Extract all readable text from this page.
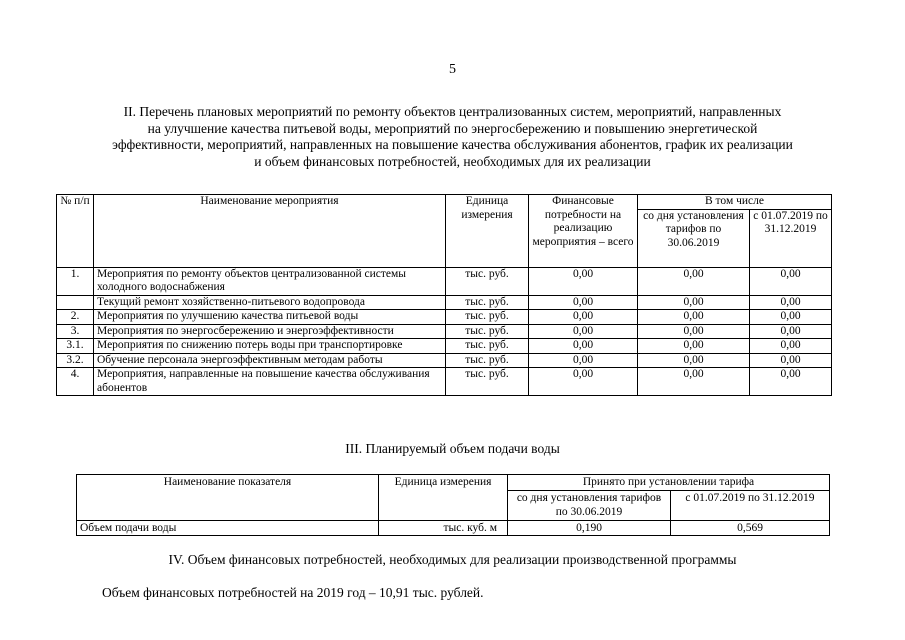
5
II. Перечень плановых мероприятий по ремонту объектов централизованных систем, мероприятий, направленных
на улучшение качества питьевой воды, мероприятий по энергосбережению и повышению энергетической
эффективности, мероприятий, направленных на повышение качества обслуживания абонентов, график их реализации
и объем финансовых потребностей, необходимых для их реализации
№ п/п	Наименование мероприятия	Единица измерения	Финансовые потребности на реализацию мероприятия – всего	В том числе	
				со дня установления тарифов по 30.06.2019	с 01.07.2019 по 31.12.2019
1.	Мероприятия по ремонту объектов централизованной системы холодного водоснабжения	тыс. руб.	0,00	0,00	0,00
	Текущий ремонт хозяйственно-питьевого водопровода	тыс. руб.	0,00	0,00	0,00
2.	Мероприятия по улучшению качества питьевой воды	тыс. руб.	0,00	0,00	0,00
3.	Мероприятия по энергосбережению и энергоэффективности	тыс. руб.	0,00	0,00	0,00
3.1.	Мероприятия по снижению потерь воды при транспортировке	тыс. руб.	0,00	0,00	0,00
3.2.	Обучение персонала энергоэффективным методам работы	тыс. руб.	0,00	0,00	0,00
4.	Мероприятия, направленные на повышение качества обслуживания абонентов	тыс. руб.	0,00	0,00	0,00
III. Планируемый объем подачи воды
Наименование показателя	Единица измерения	Принято при установлении тарифа	
		со дня установления тарифов по 30.06.2019	с 01.07.2019 по 31.12.2019
Объем подачи воды	тыс. куб. м	0,190	0,569
IV. Объем финансовых потребностей, необходимых для реализации производственной программы
Объем финансовых потребностей на 2019 год – 10,91 тыс. рублей.
